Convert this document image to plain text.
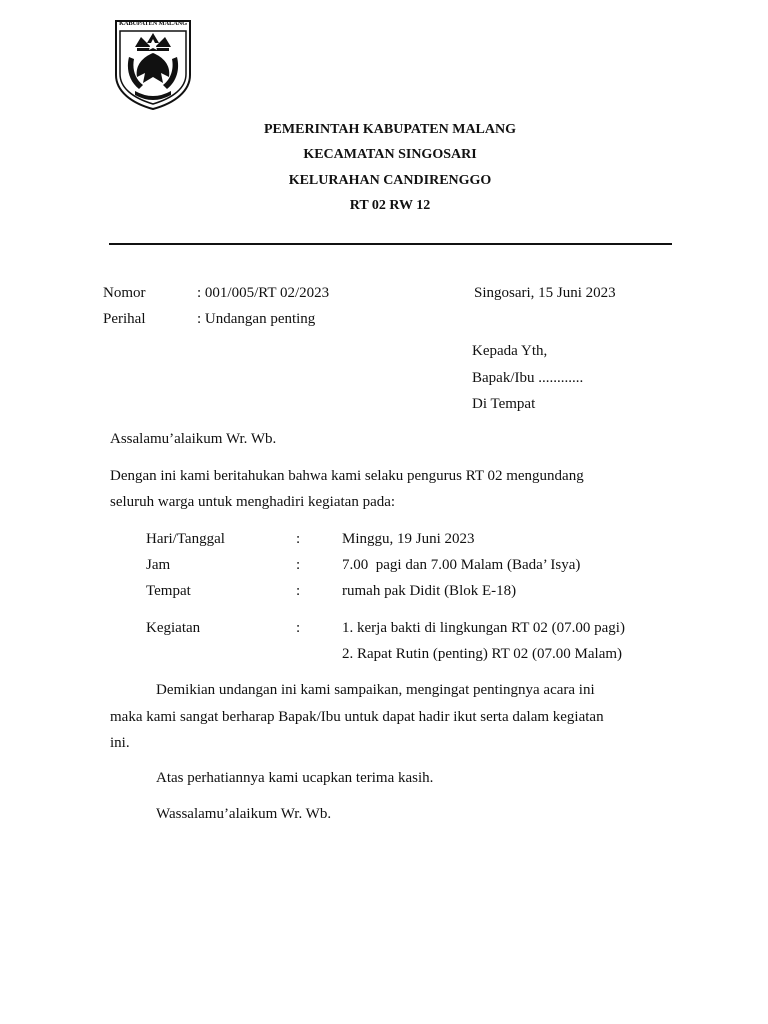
KABUPATEN MALANG
PEMERINTAH KABUPATEN MALANG
KECAMATAN SINGOSARI
KELURAHAN CANDIRENGGO
RT 02 RW 12
Nomor	: 001/005/RT 02/2023	Singosari, 15 Juni 2023
Perihal	: Undangan penting
Kepada Yth,
Bapak/Ibu ............
Di Tempat
Assalamu’alaikum Wr. Wb.
Dengan ini kami beritahukan bahwa kami selaku pengurus RT 02 mengundang
seluruh warga untuk menghadiri kegiatan pada:
Hari/Tanggal	:	Minggu, 19 Juni 2023
Jam	:	7.00  pagi dan 7.00 Malam (Bada’ Isya)
Tempat	:	rumah pak Didit (Blok E-18)
Kegiatan	:	1. kerja bakti di lingkungan RT 02 (07.00 pagi)
2. Rapat Rutin (penting) RT 02 (07.00 Malam)
Demikian undangan ini kami sampaikan, mengingat pentingnya acara ini
maka kami sangat berharap Bapak/Ibu untuk dapat hadir ikut serta dalam kegiatan
ini.
Atas perhatiannya kami ucapkan terima kasih.
Wassalamu’alaikum Wr. Wb.
